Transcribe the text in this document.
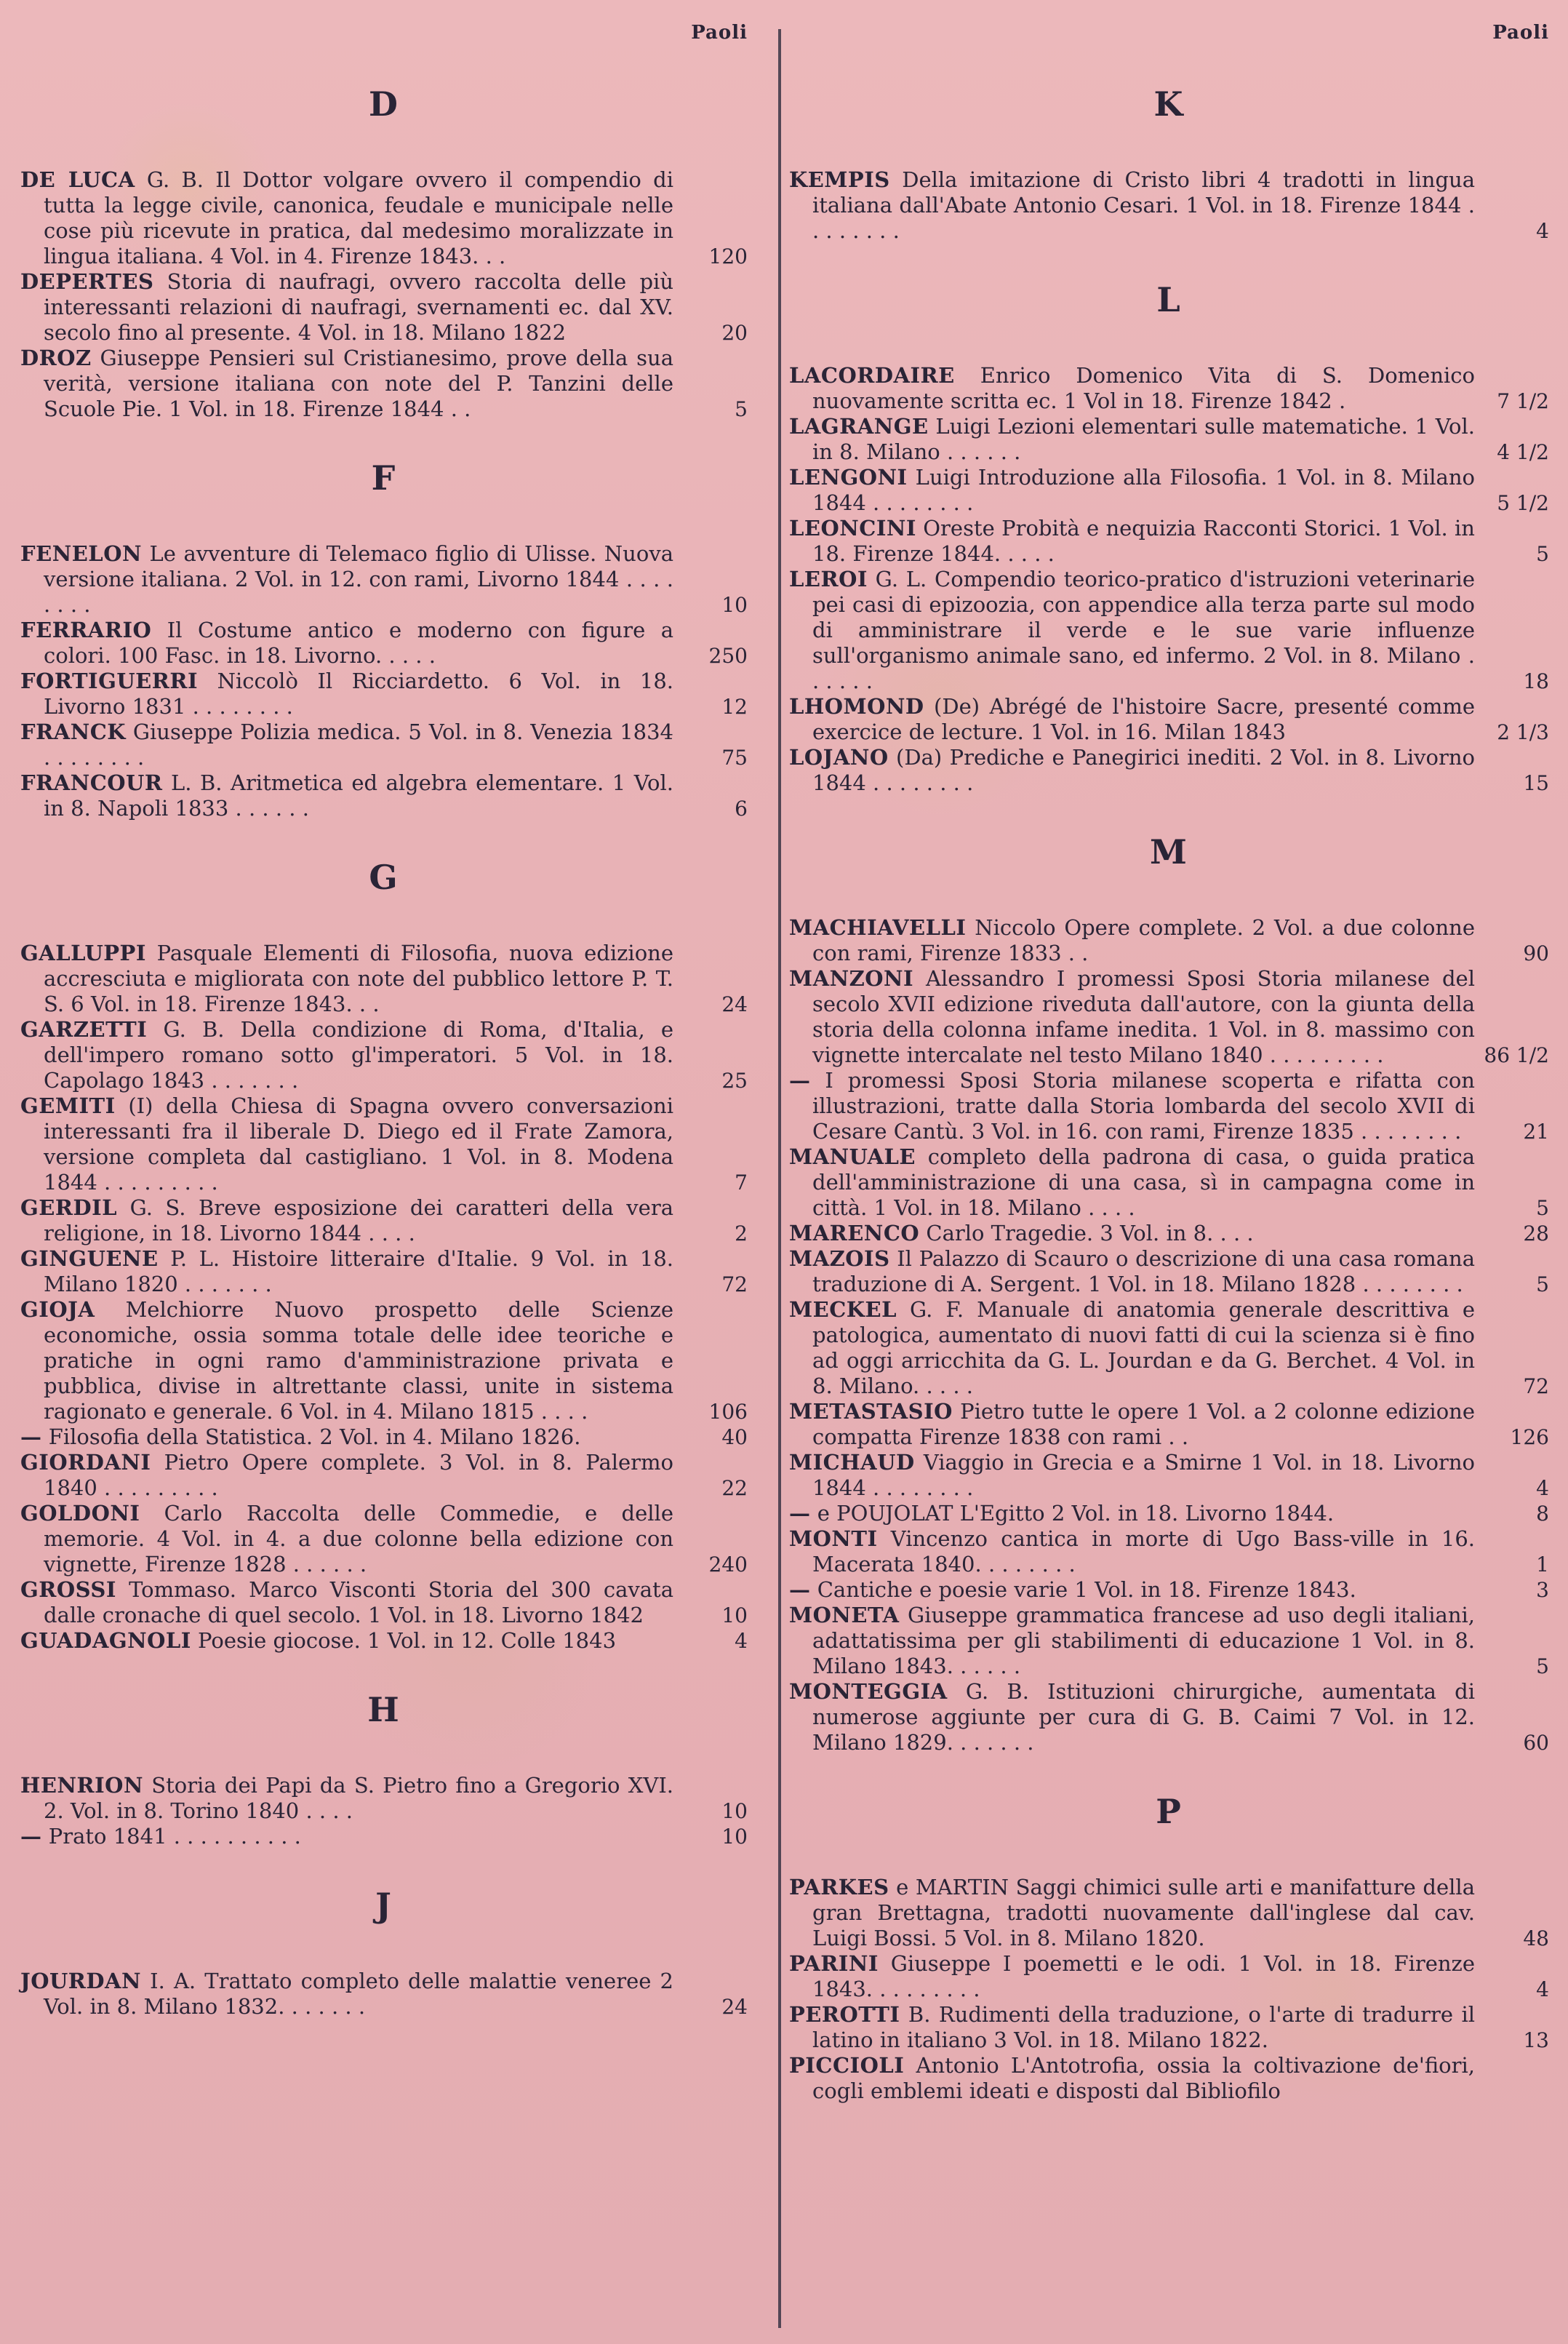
Paoli
D
DE LUCA G. B. Il Dottor volgare ovvero il compendio di tutta la legge civile, canonica, feudale e municipale nelle cose più ricevute in pratica, dal medesimo moralizzate in lingua italiana. 4 Vol. in 4. Firenze 1843. . .	120
DEPERTES Storia di naufragi, ovvero raccolta delle più interessanti relazioni di naufragi, svernamenti ec. dal XV. secolo fino al presente. 4 Vol. in 18. Milano 1822	20
DROZ Giuseppe Pensieri sul Cristianesimo, prove della sua verità, versione italiana con note del P. Tanzini delle Scuole Pie. 1 Vol. in 18. Firenze 1844 . .	5
F
FENELON Le avventure di Telemaco figlio di Ulisse. Nuova versione italiana. 2 Vol. in 12. con rami, Livorno 1844 . . . . . . . .	10
FERRARIO Il Costume antico e moderno con figure a colori. 100 Fasc. in 18. Livorno. . . . .	250
FORTIGUERRI Niccolò Il Ricciardetto. 6 Vol. in 18. Livorno 1831 . . . . . . . .	12
FRANCK Giuseppe Polizia medica. 5 Vol. in 8. Venezia 1834 . . . . . . . .	75
FRANCOUR L. B. Aritmetica ed algebra elementare. 1 Vol. in 8. Napoli 1833 . . . . . .	6
G
GALLUPPI Pasquale Elementi di Filosofia, nuova edizione accresciuta e migliorata con note del pubblico lettore P. T. S. 6 Vol. in 18. Firenze 1843. . .	24
GARZETTI G. B. Della condizione di Roma, d'Italia, e dell'impero romano sotto gl'imperatori. 5 Vol. in 18. Capolago 1843 . . . . . . .	25
GEMITI (I) della Chiesa di Spagna ovvero conversazioni interessanti fra il liberale D. Diego ed il Frate Zamora, versione completa dal castigliano. 1 Vol. in 8. Modena 1844 . . . . . . . . .	7
GERDIL G. S. Breve esposizione dei caratteri della vera religione, in 18. Livorno 1844 . . . .	2
GINGUENE P. L. Histoire litteraire d'Italie. 9 Vol. in 18. Milano 1820 . . . . . . .	72
GIOJA Melchiorre Nuovo prospetto delle Scienze economiche, ossia somma totale delle idee teoriche e pratiche in ogni ramo d'amministrazione privata e pubblica, divise in altrettante classi, unite in sistema ragionato e generale. 6 Vol. in 4. Milano 1815 . . . .	106
— Filosofia della Statistica. 2 Vol. in 4. Milano 1826.	40
GIORDANI Pietro Opere complete. 3 Vol. in 8. Palermo 1840 . . . . . . . . .	22
GOLDONI Carlo Raccolta delle Commedie, e delle memorie. 4 Vol. in 4. a due colonne bella edizione con vignette, Firenze 1828 . . . . . .	240
GROSSI Tommaso. Marco Visconti Storia del 300 cavata dalle cronache di quel secolo. 1 Vol. in 18. Livorno 1842	10
GUADAGNOLI Poesie giocose. 1 Vol. in 12. Colle 1843	4
H
HENRION Storia dei Papi da S. Pietro fino a Gregorio XVI. 2. Vol. in 8. Torino 1840 . . . .	10
— Prato 1841 . . . . . . . . . .	10
J
JOURDAN I. A. Trattato completo delle malattie veneree 2 Vol. in 8. Milano 1832. . . . . . .	24
Paoli
K
KEMPIS Della imitazione di Cristo libri 4 tradotti in lingua italiana dall'Abate Antonio Cesari. 1 Vol. in 18. Firenze 1844 . . . . . . . .	4
L
LACORDAIRE Enrico Domenico Vita di S. Domenico nuovamente scritta ec. 1 Vol in 18. Firenze 1842 .	7 1/2
LAGRANGE Luigi Lezioni elementari sulle matematiche. 1 Vol. in 8. Milano . . . . . .	4 1/2
LENGONI Luigi Introduzione alla Filosofia. 1 Vol. in 8. Milano 1844 . . . . . . . .	5 1/2
LEONCINI Oreste Probità e nequizia Racconti Storici. 1 Vol. in 18. Firenze 1844. . . . .	5
LEROI G. L. Compendio teorico-pratico d'istruzioni veterinarie pei casi di epizoozia, con appendice alla terza parte sul modo di amministrare il verde e le sue varie influenze sull'organismo animale sano, ed infermo. 2 Vol. in 8. Milano . . . . . .	18
LHOMOND (De) Abrégé de l'histoire Sacre, presenté comme exercice de lecture. 1 Vol. in 16. Milan 1843	2 1/3
LOJANO (Da) Prediche e Panegirici inediti. 2 Vol. in 8. Livorno 1844 . . . . . . . .	15
M
MACHIAVELLI Niccolo Opere complete. 2 Vol. a due colonne con rami, Firenze 1833 . .	90
MANZONI Alessandro I promessi Sposi Storia milanese del secolo XVII edizione riveduta dall'autore, con la giunta della storia della colonna infame inedita. 1 Vol. in 8. massimo con vignette intercalate nel testo Milano 1840 . . . . . . . . .	86 1/2
— I promessi Sposi Storia milanese scoperta e rifatta con illustrazioni, tratte dalla Storia lombarda del secolo XVII di Cesare Cantù. 3 Vol. in 16. con rami, Firenze 1835 . . . . . . . .	21
MANUALE completo della padrona di casa, o guida pratica dell'amministrazione di una casa, sì in campagna come in città. 1 Vol. in 18. Milano . . . .	5
MARENCO Carlo Tragedie. 3 Vol. in 8. . . .	28
MAZOIS Il Palazzo di Scauro o descrizione di una casa romana traduzione di A. Sergent. 1 Vol. in 18. Milano 1828 . . . . . . . .	5
MECKEL G. F. Manuale di anatomia generale descrittiva e patologica, aumentato di nuovi fatti di cui la scienza si è fino ad oggi arricchita da G. L. Jourdan e da G. Berchet. 4 Vol. in 8. Milano. . . . .	72
METASTASIO Pietro tutte le opere 1 Vol. a 2 colonne edizione compatta Firenze 1838 con rami . .	126
MICHAUD Viaggio in Grecia e a Smirne 1 Vol. in 18. Livorno 1844 . . . . . . . .	4
— e POUJOLAT L'Egitto 2 Vol. in 18. Livorno 1844.	8
MONTI Vincenzo cantica in morte di Ugo Bass-ville in 16. Macerata 1840. . . . . . . .	1
— Cantiche e poesie varie 1 Vol. in 18. Firenze 1843.	3
MONETA Giuseppe grammatica francese ad uso degli italiani, adattatissima per gli stabilimenti di educazione 1 Vol. in 8. Milano 1843. . . . . .	5
MONTEGGIA G. B. Istituzioni chirurgiche, aumentata di numerose aggiunte per cura di G. B. Caimi 7 Vol. in 12. Milano 1829. . . . . . .	60
P
PARKES e MARTIN Saggi chimici sulle arti e manifatture della gran Brettagna, tradotti nuovamente dall'inglese dal cav. Luigi Bossi. 5 Vol. in 8. Milano 1820.	48
PARINI Giuseppe I poemetti e le odi. 1 Vol. in 18. Firenze 1843. . . . . . . . .	4
PEROTTI B. Rudimenti della traduzione, o l'arte di tradurre il latino in italiano 3 Vol. in 18. Milano 1822.	13
PICCIOLI Antonio L'Antotrofia, ossia la coltivazione de'fiori, cogli emblemi ideati e disposti dal Bibliofilo
